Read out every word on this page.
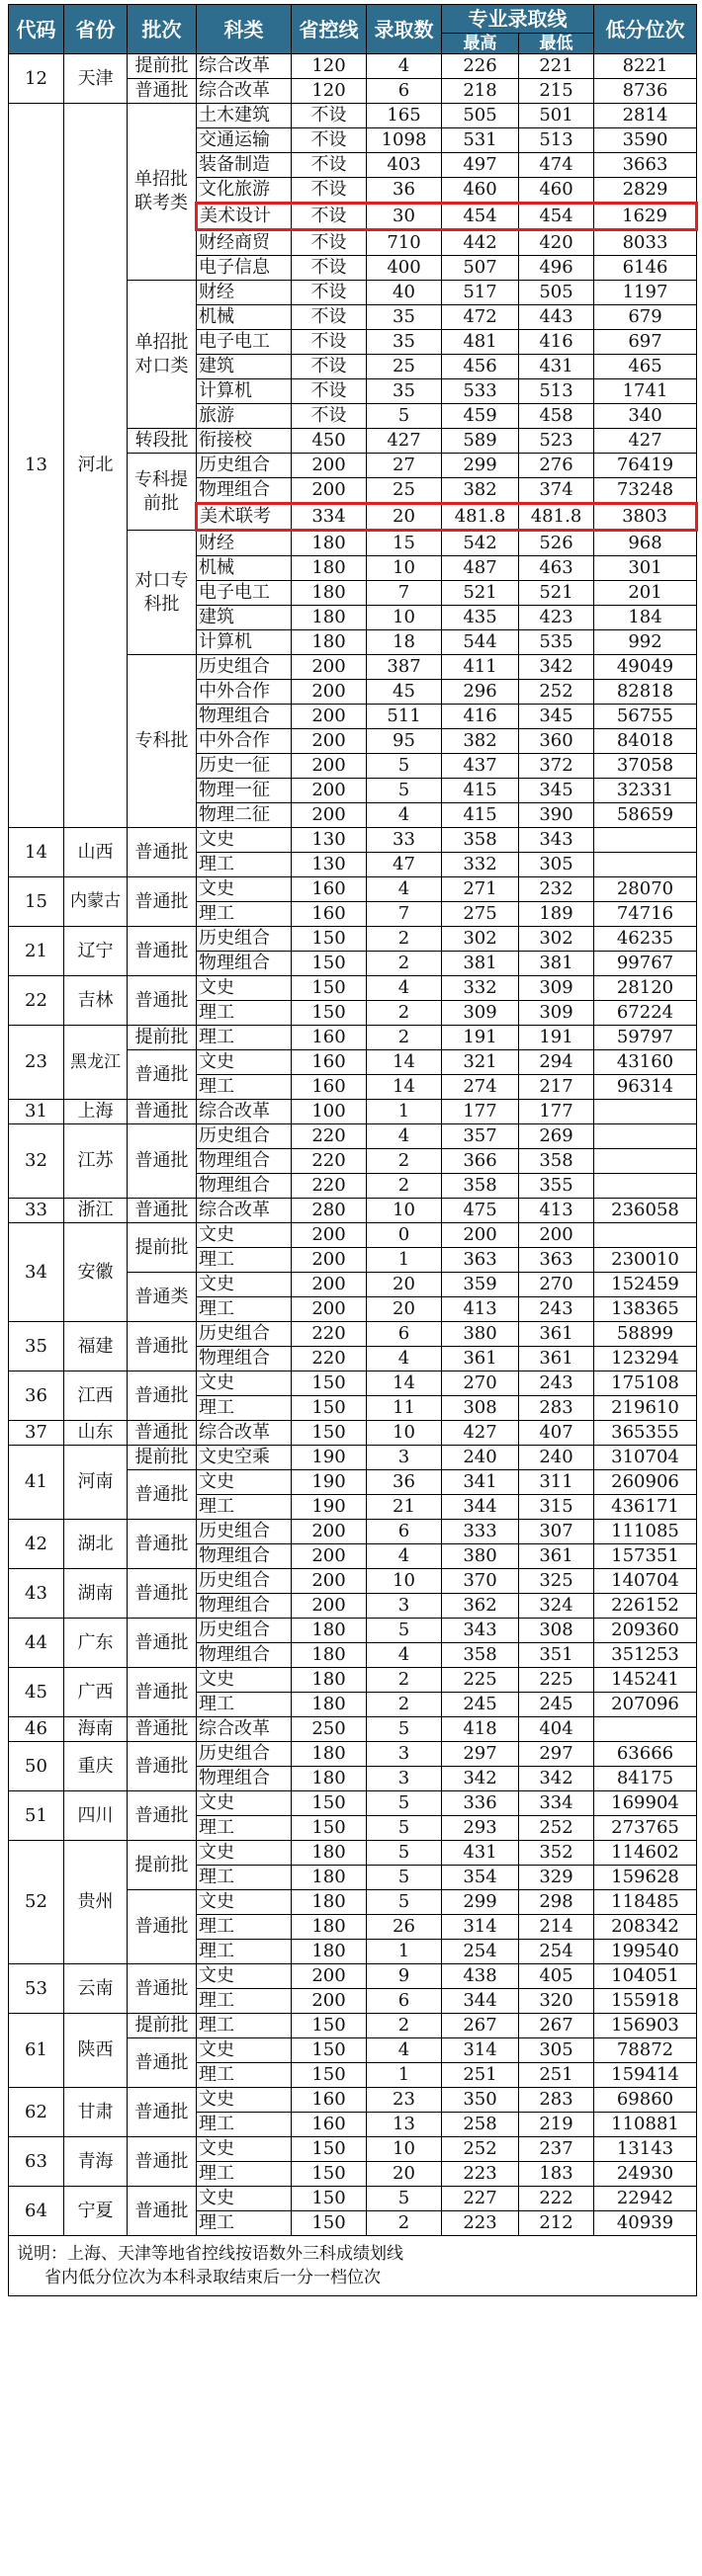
代码	省份	批次	科类	省控线	录取数	专业录取线		低分位次
						最高	最低	
12	天津	提前批	综合改革	120	4	226	221	8221
		普通批	综合改革	120	6	218	215	8736
13	河北	单招批联考类	土木建筑	不设	165	505	501	2814
			交通运输	不设	1098	531	513	3590
			装备制造	不设	403	497	474	3663
			文化旅游	不设	36	460	460	2829
			美术设计	不设	30	454	454	1629
			财经商贸	不设	710	442	420	8033
			电子信息	不设	400	507	496	6146
		单招批对口类	财经	不设	40	517	505	1197
			机械	不设	35	472	443	679
			电子电工	不设	35	481	416	697
			建筑	不设	25	456	431	465
			计算机	不设	35	533	513	1741
			旅游	不设	5	459	458	340
		转段批	衔接校	450	427	589	523	427
		专科提前批	历史组合	200	27	299	276	76419
			物理组合	200	25	382	374	73248
			美术联考	334	20	481.8	481.8	3803
		对口专科批	财经	180	15	542	526	968
			机械	180	10	487	463	301
			电子电工	180	7	521	521	201
			建筑	180	10	435	423	184
			计算机	180	18	544	535	992
		专科批	历史组合	200	387	411	342	49049
			中外合作	200	45	296	252	82818
			物理组合	200	511	416	345	56755
			中外合作	200	95	382	360	84018
			历史一征	200	5	437	372	37058
			物理一征	200	5	415	345	32331
			物理二征	200	4	415	390	58659
14	山西	普通批	文史	130	33	358	343	
			理工	130	47	332	305	
15	内蒙古	普通批	文史	160	4	271	232	28070
			理工	160	7	275	189	74716
21	辽宁	普通批	历史组合	150	2	302	302	46235
			物理组合	150	2	381	381	99767
22	吉林	普通批	文史	150	4	332	309	28120
			理工	150	2	309	309	67224
23	黑龙江	提前批	理工	160	2	191	191	59797
		普通批	文史	160	14	321	294	43160
			理工	160	14	274	217	96314
31	上海	普通批	综合改革	100	1	177	177	
32	江苏	普通批	历史组合	220	4	357	269	
			物理组合	220	2	366	358	
			物理组合	220	2	358	355	
33	浙江	普通批	综合改革	280	10	475	413	236058
34	安徽	提前批	文史	200	0	200	200	
			理工	200	1	363	363	230010
		普通类	文史	200	20	359	270	152459
			理工	200	20	413	243	138365
35	福建	普通批	历史组合	220	6	380	361	58899
			物理组合	220	4	361	361	123294
36	江西	普通批	文史	150	14	270	243	175108
			理工	150	11	308	283	219610
37	山东	普通批	综合改革	150	10	427	407	365355
41	河南	提前批	文史空乘	190	3	240	240	310704
		普通批	文史	190	36	341	311	260906
			理工	190	21	344	315	436171
42	湖北	普通批	历史组合	200	6	333	307	111085
			物理组合	200	4	380	361	157351
43	湖南	普通批	历史组合	200	10	370	325	140704
			物理组合	200	3	362	324	226152
44	广东	普通批	历史组合	180	5	343	308	209360
			物理组合	180	4	358	351	351253
45	广西	普通批	文史	180	2	225	225	145241
			理工	180	2	245	245	207096
46	海南	普通批	综合改革	250	5	418	404	
50	重庆	普通批	历史组合	180	3	297	297	63666
			物理组合	180	3	342	342	84175
51	四川	普通批	文史	150	5	336	334	169904
			理工	150	5	293	252	273765
52	贵州	提前批	文史	180	5	431	352	114602
			理工	180	5	354	329	159628
		普通批	文史	180	5	299	298	118485
			理工	180	26	314	214	208342
			理工	180	1	254	254	199540
53	云南	普通批	文史	200	9	438	405	104051
			理工	200	6	344	320	155918
61	陕西	提前批	理工	150	2	267	267	156903
		普通批	文史	150	4	314	305	78872
			理工	150	1	251	251	159414
62	甘肃	普通批	文史	160	23	350	283	69860
			理工	160	13	258	219	110881
63	青海	普通批	文史	150	10	252	237	13143
			理工	150	20	223	183	24930
64	宁夏	普通批	文史	150	5	227	222	22942
			理工	150	2	223	212	40939

说明：上海、天津等地省控线按语数外三科成绩划线
省内低分位次为本科录取结束后一分一档位次								
